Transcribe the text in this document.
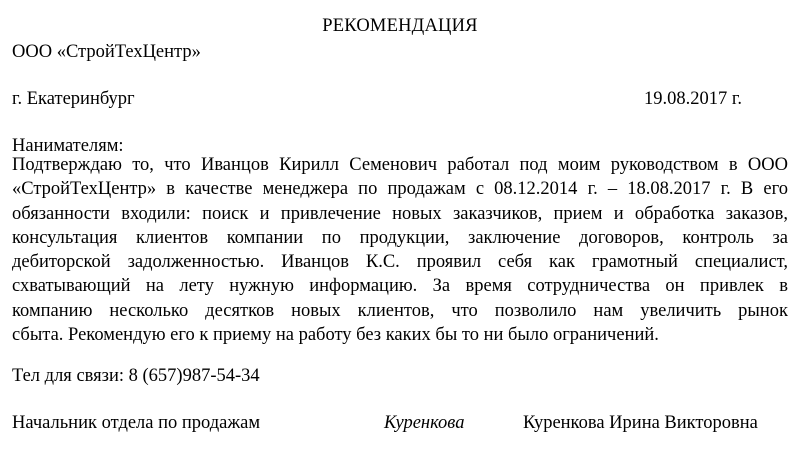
РЕКОМЕНДАЦИЯ
ООО «СтройТехЦентр»
г. Екатеринбург	19.08.2017 г.
Нанимателям:
Подтверждаю то, что Иванцов Кирилл Семенович работал под моим руководством в ООО
«СтройТехЦентр» в качестве менеджера по продажам с 08.12.2014 г. – 18.08.2017 г. В его
обязанности входили: поиск и привлечение новых заказчиков, прием и обработка заказов,
консультация клиентов компании по продукции, заключение договоров, контроль за
дебиторской задолженностью. Иванцов К.С. проявил себя как грамотный специалист,
схватывающий на лету нужную информацию. За время сотрудничества он привлек в
компанию несколько десятков новых клиентов, что позволило нам увеличить рынок
сбыта. Рекомендую его к приему на работу без каких бы то ни было ограничений.
Тел для связи: 8 (657)987-54-34
Начальник отдела по продажам	Куренкова	Куренкова Ирина Викторовна
